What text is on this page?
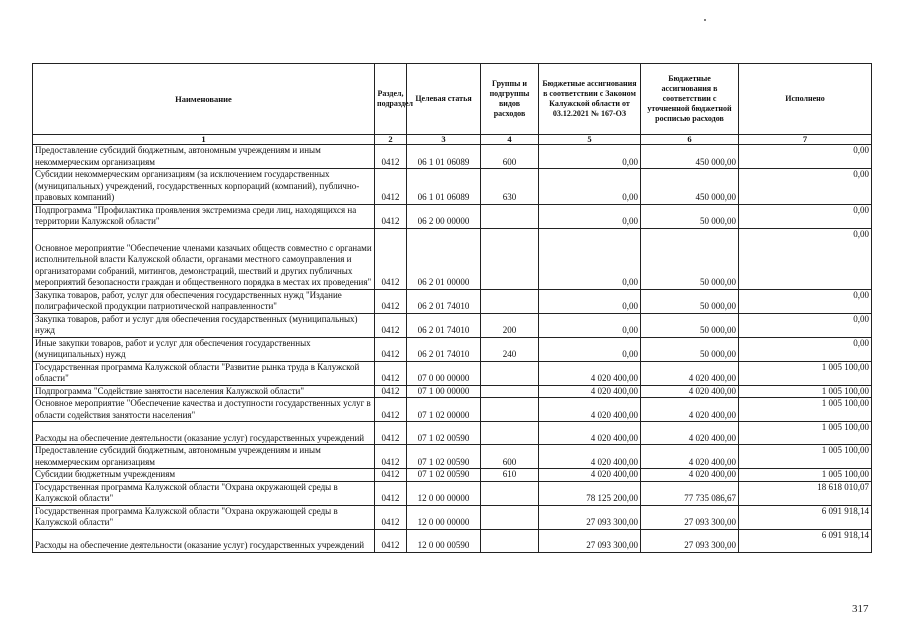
Наименование	Раздел, подраздел	Целевая статья	Группы и подгруппы видов расходов	Бюджетные ассигнования в соответствии с Законом Калужской области от 03.12.2021 № 167-ОЗ	Бюджетные ассигнования в соответствии с уточненной бюджетной росписью расходов	Исполнено
1	2	3	4	5	6	7
Предоставление субсидий бюджетным, автономным учреждениям и иным некоммерческим организациям	0412	06 1 01 06089	600	0,00	450 000,00	0,00
Субсидии некоммерческим организациям (за исключением государственных (муниципальных) учреждений, государственных корпораций (компаний), публично-правовых компаний)	0412	06 1 01 06089	630	0,00	450 000,00	0,00
Подпрограмма "Профилактика проявления экстремизма среди лиц, находящихся на территории Калужской области"	0412	06 2 00 00000		0,00	50 000,00	0,00
Основное мероприятие "Обеспечение членами казачьих обществ совместно с органами исполнительной власти Калужской области, органами местного самоуправления и организаторами собраний, митингов, демонстраций, шествий и других публичных мероприятий безопасности граждан и общественного порядка в местах их проведения"	0412	06 2 01 00000		0,00	50 000,00	0,00
Закупка товаров, работ, услуг для обеспечения государственных нужд "Издание полиграфической продукции патриотической направленности"	0412	06 2 01 74010		0,00	50 000,00	0,00
Закупка товаров, работ и услуг для обеспечения государственных (муниципальных) нужд	0412	06 2 01 74010	200	0,00	50 000,00	0,00
Иные закупки товаров, работ и услуг для обеспечения государственных (муниципальных) нужд	0412	06 2 01 74010	240	0,00	50 000,00	0,00
Государственная программа Калужской области "Развитие рынка труда в Калужской области"	0412	07 0 00 00000		4 020 400,00	4 020 400,00	1 005 100,00
Подпрограмма "Содействие занятости населения Калужской области"	0412	07 1 00 00000		4 020 400,00	4 020 400,00	1 005 100,00
Основное мероприятие "Обеспечение качества и доступности государственных услуг в области содействия занятости населения"	0412	07 1 02 00000		4 020 400,00	4 020 400,00	1 005 100,00
Расходы на обеспечение деятельности (оказание услуг) государственных учреждений	0412	07 1 02 00590		4 020 400,00	4 020 400,00	1 005 100,00
Предоставление субсидий бюджетным, автономным учреждениям и иным некоммерческим организациям	0412	07 1 02 00590	600	4 020 400,00	4 020 400,00	1 005 100,00
Субсидии бюджетным учреждениям	0412	07 1 02 00590	610	4 020 400,00	4 020 400,00	1 005 100,00
Государственная программа Калужской области "Охрана окружающей среды в Калужской области"	0412	12 0 00 00000		78 125 200,00	77 735 086,67	18 618 010,07
Государственная программа Калужской области "Охрана окружающей среды в Калужской области"	0412	12 0 00 00000		27 093 300,00	27 093 300,00	6 091 918,14
Расходы на обеспечение деятельности (оказание услуг) государственных учреждений	0412	12 0 00 00590		27 093 300,00	27 093 300,00	6 091 918,14
317
